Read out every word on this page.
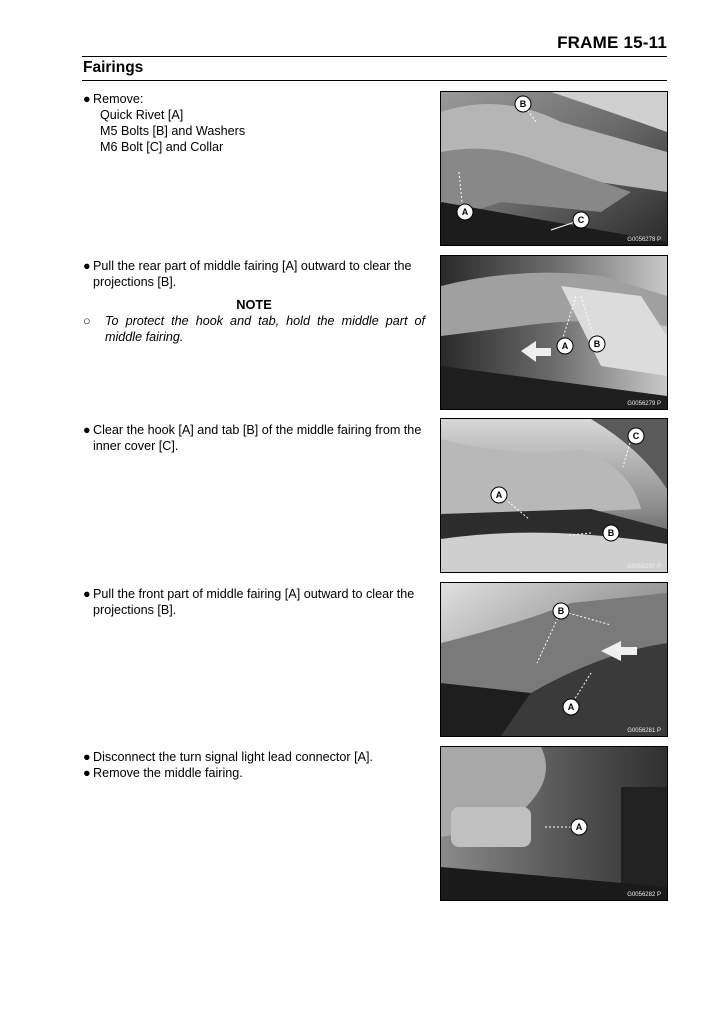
FRAME 15-11
Fairings
● Remove:
Quick Rivet [A]
M5 Bolts [B] and Washers
M6 Bolt [C] and Collar
A
B
C
G0056278 P
● Pull the rear part of middle fairing [A] outward to clear the projections [B].
NOTE
○ To protect the hook and tab, hold the middle part of middle fairing.
A	B
G0056279 P
● Clear the hook [A] and tab [B] of the middle fairing from the inner cover [C].
A
B
C
G0056280 P
● Pull the front part of middle fairing [A] outward to clear the projections [B].	B
A
G0056281 P
● Disconnect the turn signal light lead connector [A].
● Remove the middle fairing.
A
G0056282 P
